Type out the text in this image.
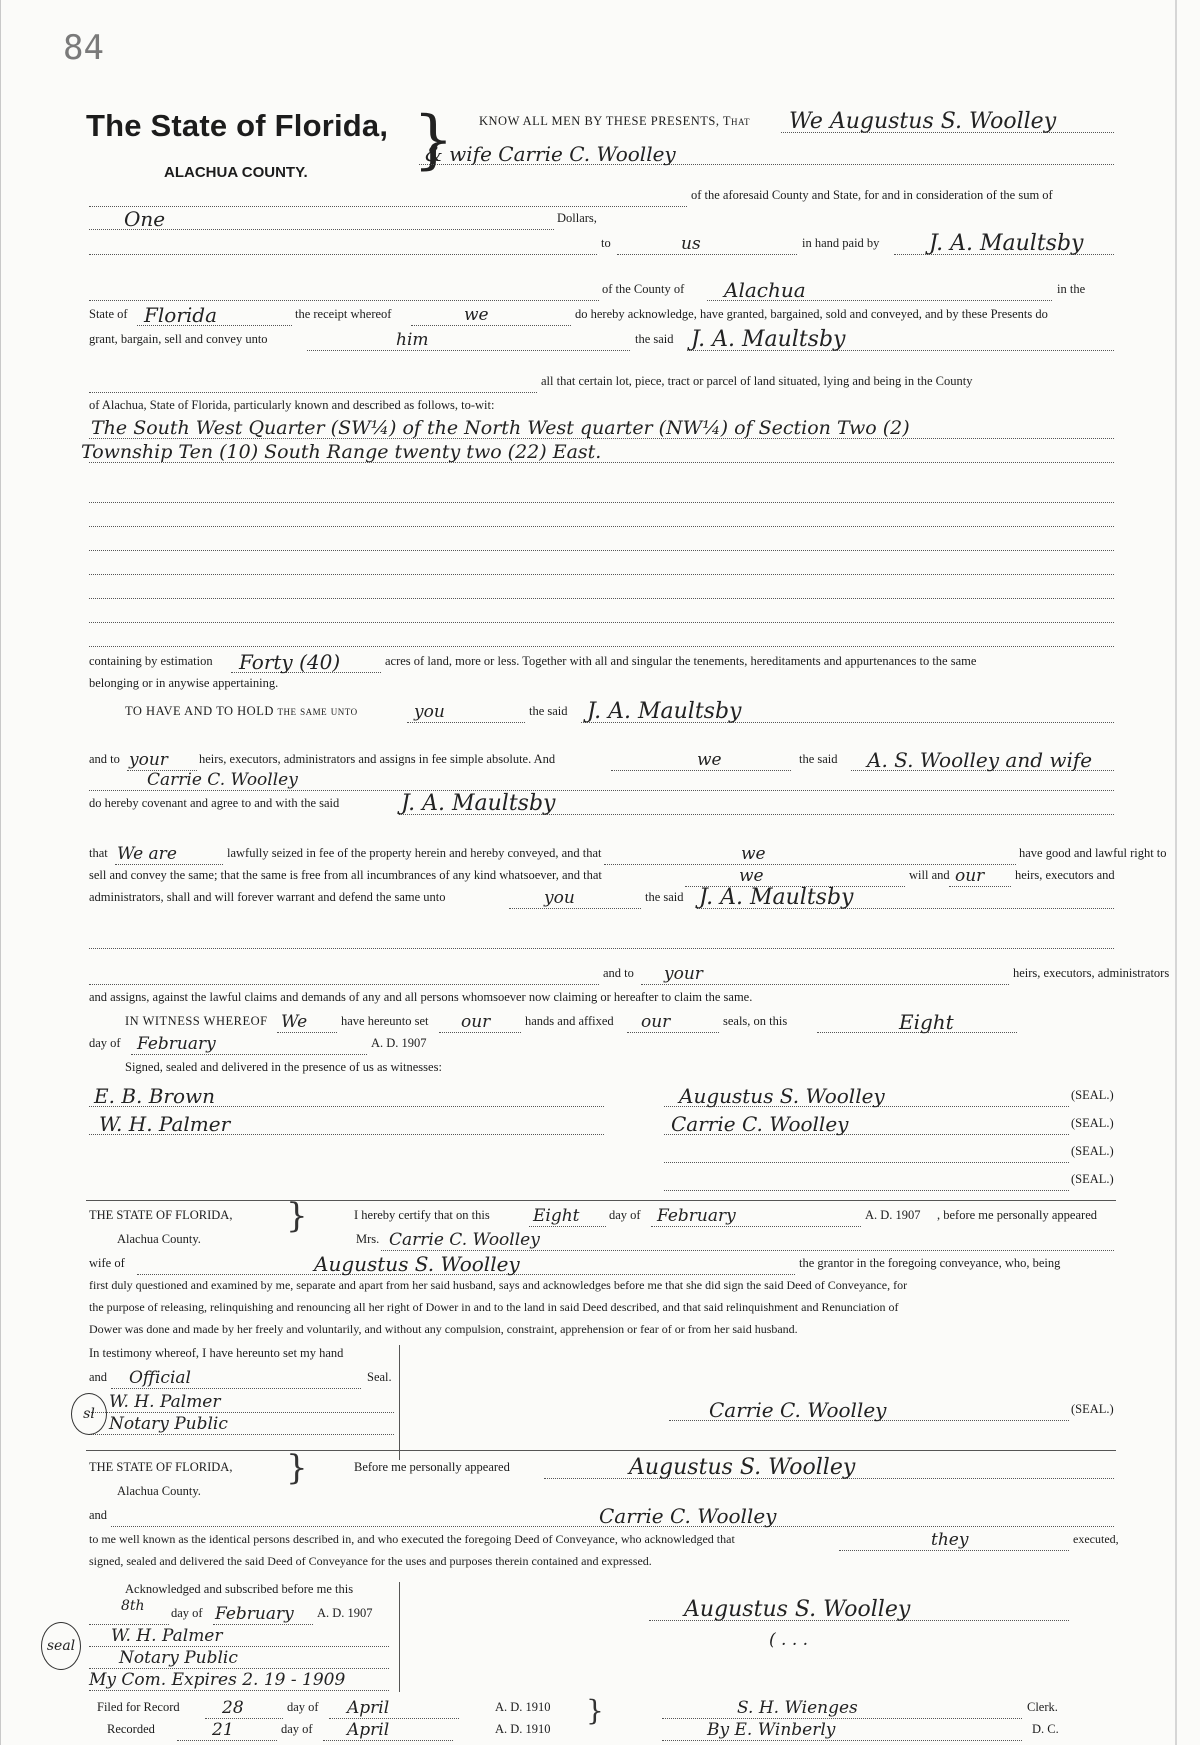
84
The State of Florida,
ALACHUA COUNTY. } KNOW ALL MEN BY THESE PRESENTS, That We Augustus S. Woolley
& wife Carrie C. Woolley
of the aforesaid County and State, for and in consideration of the sum of
One	Dollars,
to	us	in hand paid by J. A. Maultsby
of the County of Alachua	in the
State of Florida	the receipt whereof	we	do hereby acknowledge, have granted, bargained, sold and conveyed, and by these Presents do
grant, bargain, sell and convey unto	him	the said J. A. Maultsby
all that certain lot, piece, tract or parcel of land situated, lying and being in the County
of Alachua, State of Florida, particularly known and described as follows, to-wit:
The South West Quarter (SW¼) of the North West quarter (NW¼) of Section Two (2)
Township Ten (10) South Range twenty two (22) East.
containing by estimation Forty (40)	acres of land, more or less. Together with all and singular the tenements, hereditaments and appurtenances to the same
belonging or in anywise appertaining.
TO HAVE AND TO HOLD the same unto	you	the said J. A. Maultsby
and to your heirs, executors, administrators and assigns in fee simple absolute. And	we	the said A. S. Woolley and wife
Carrie C. Woolley
do hereby covenant and agree to and with the said	J. A. Maultsby
that We are	lawfully seized in fee of the property herein and hereby conveyed, and that	we	have good and lawful right to
sell and convey the same; that the same is free from all incumbrances of any kind whatsoever, and that	we	will and our heirs, executors and
administrators, shall and will forever warrant and defend the same unto	you	the said J. A. Maultsby
and to your	heirs, executors, administrators
and assigns, against the lawful claims and demands of any and all persons whomsoever now claiming or hereafter to claim the same.
IN WITNESS WHEREOF We	have hereunto set our	hands and affixed our	seals, on this	Eight
day of February	A. D. 1907
Signed, sealed and delivered in the presence of us as witnesses:
E. B. Brown	Augustus S. Woolley	(SEAL.)
W. H. Palmer	Carrie C. Woolley	(SEAL.)
(SEAL.)
(SEAL.)
THE STATE OF FLORIDA,	I hereby certify that on this	Eight day of February	A. D. 1907 , before me personally appeared
}
Alachua County.	Mrs. Carrie C. Woolley
wife of	Augustus S. Woolley	the grantor in the foregoing conveyance, who, being
first duly questioned and examined by me, separate and apart from her said husband, says and acknowledges before me that she did sign the said Deed of Conveyance, for
the purpose of releasing, relinquishing and renouncing all her right of Dower in and to the land in said Deed described, and that said relinquishment and Renunciation of
Dower was done and made by her freely and voluntarily, and without any compulsion, constraint, apprehension or fear of or from her said husband.
In testimony whereof, I have hereunto set my hand
and Official	Seal.
W. H. Palmer
Notary Public
sl	Carrie C. Woolley	(SEAL.)
THE STATE OF FLORIDA,	Before me personally appeared	Augustus S. Woolley
}
Alachua County.
and	Carrie C. Woolley
to me well known as the identical persons described in, and who executed the foregoing Deed of Conveyance, who acknowledged that	they	executed,
signed, sealed and delivered the said Deed of Conveyance for the uses and purposes therein contained and expressed.
Acknowledged and subscribed before me this
8th day of February A. D. 1907
W. H. Palmer
Notary Public
My Com. Expires 2. 19 - 1909
seal
Augustus S. Woolley
( . . .
Filed for Record 28	day of April	A. D. 1910	S. H. Wienges	Clerk.
}
Recorded	21	day of April	A. D. 1910	By E. Winberly	D. C.
